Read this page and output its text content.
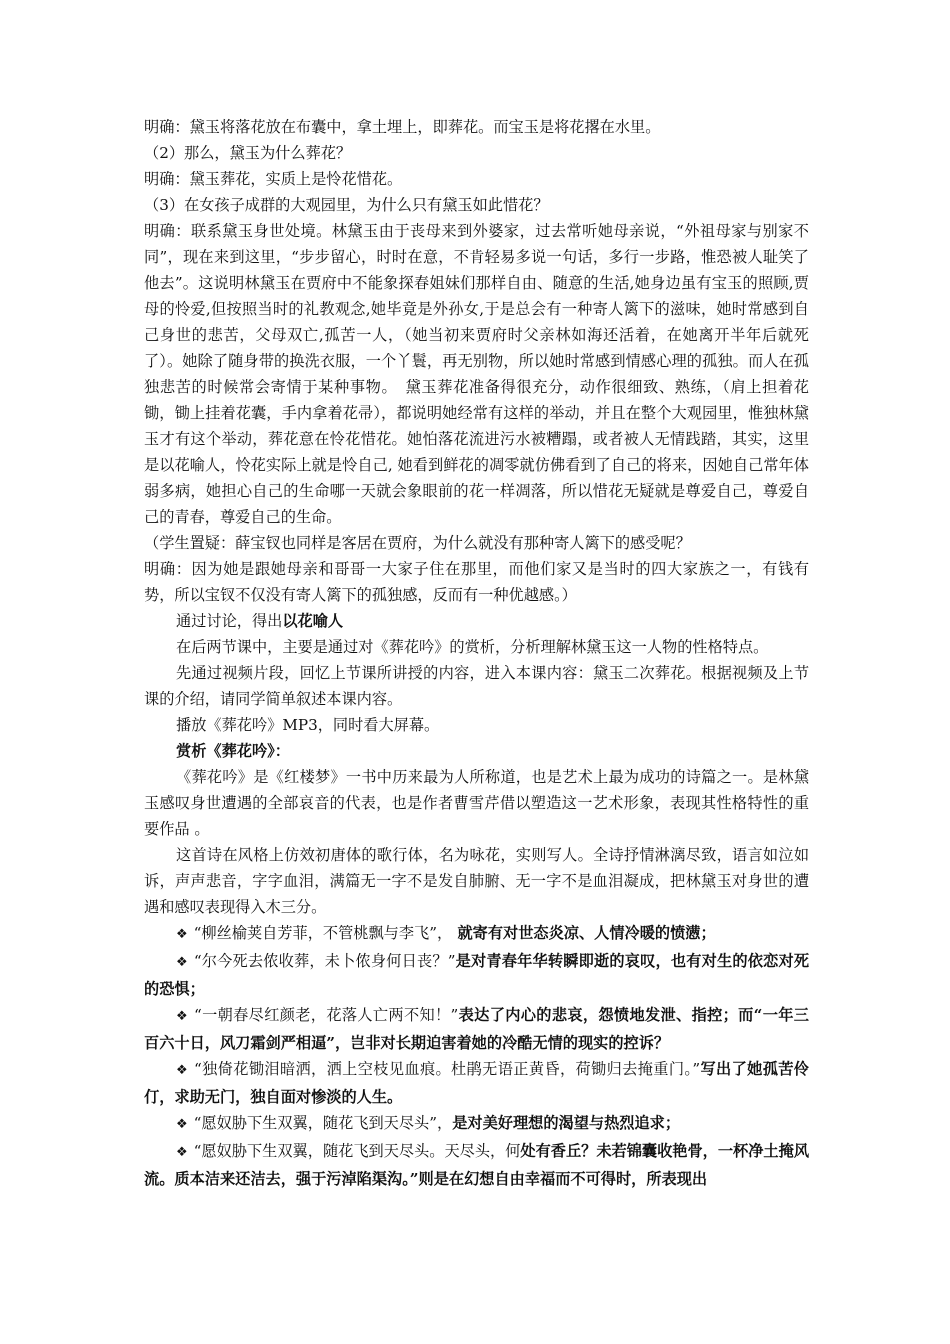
明确：黛玉将落花放在布囊中，拿土埋上，即葬花。而宝玉是将花撂在水里。

（2）那么，黛玉为什么葬花？

明确：黛玉葬花，实质上是怜花惜花。

（3）在女孩子成群的大观园里，为什么只有黛玉如此惜花？

明确：联系黛玉身世处境。林黛玉由于丧母来到外婆家，过去常听她母亲说，“外祖母家与别家不同”，现在来到这里，“步步留心，时时在意，不肯轻易多说一句话，多行一步路，惟恐被人耻笑了他去”。这说明林黛玉在贾府中不能象探春姐妹们那样自由、随意的生活,她身边虽有宝玉的照顾,贾母的怜爱,但按照当时的礼教观念,她毕竟是外孙女,于是总会有一种寄人篱下的滋味，她时常感到自己身世的悲苦，父母双亡,孤苦一人，（她当初来贾府时父亲林如海还活着，在她离开半年后就死了）。她除了随身带的换洗衣服，一个丫鬟，再无别物，所以她时常感到情感心理的孤独。而人在孤独悲苦的时候常会寄情于某种事物。　黛玉葬花准备得很充分，动作很细致、熟练，（肩上担着花锄，锄上挂着花囊，手内拿着花帚），都说明她经常有这样的举动，并且在整个大观园里，惟独林黛玉才有这个举动，葬花意在怜花惜花。她怕落花流进污水被糟蹋，或者被人无情践踏，其实，这里是以花喻人，怜花实际上就是怜自己, 她看到鲜花的凋零就仿佛看到了自己的将来，因她自己常年体弱多病，她担心自己的生命哪一天就会象眼前的花一样凋落，所以惜花无疑就是尊爱自己，尊爱自己的青春，尊爱自己的生命。

（学生置疑：薛宝钗也同样是客居在贾府，为什么就没有那种寄人篱下的感受呢？

明确：因为她是跟她母亲和哥哥一大家子住在那里，而他们家又是当时的四大家族之一，有钱有势，所以宝钗不仅没有寄人篱下的孤独感，反而有一种优越感。）

通过讨论，得出以花喻人

在后两节课中，主要是通过对《葬花吟》的赏析，分析理解林黛玉这一人物的性格特点。

先通过视频片段，回忆上节课所讲授的内容，进入本课内容：黛玉二次葬花。根据视频及上节课的介绍，请同学简单叙述本课内容。

播放《葬花吟》MP3，同时看大屏幕。

赏析《葬花吟》：

《葬花吟》是《红楼梦》一书中历来最为人所称道，也是艺术上最为成功的诗篇之一。是林黛玉感叹身世遭遇的全部哀音的代表，也是作者曹雪芹借以塑造这一艺术形象，表现其性格特性的重要作品 。

这首诗在风格上仿效初唐体的歌行体，名为咏花，实则写人。全诗抒情淋漓尽致，语言如泣如诉，声声悲音，字字血泪，满篇无一字不是发自肺腑、无一字不是血泪凝成，把林黛玉对身世的遭遇和感叹表现得入木三分。

❖ “柳丝榆荚自芳菲，不管桃飘与李飞”， 就寄有对世态炎凉、人情冷暖的愤懑；

❖ “尔今死去侬收葬，未卜侬身何日丧？”是对青春年华转瞬即逝的哀叹，也有对生的依恋对死的恐惧；

❖ “一朝春尽红颜老，花落人亡两不知！”表达了内心的悲哀，怨愤地发泄、指控；而“一年三百六十日，风刀霜剑严相逼”，岂非对长期迫害着她的冷酷无情的现实的控诉？

❖ “独倚花锄泪暗洒，洒上空枝见血痕。杜鹃无语正黄昏，荷锄归去掩重门。”写出了她孤苦伶仃，求助无门，独自面对惨淡的人生。

❖ “愿奴胁下生双翼，随花飞到天尽头”，是对美好理想的渴望与热烈追求；

❖ “愿奴胁下生双翼，随花飞到天尽头。天尽头，何处有香丘？未若锦囊收艳骨，一杯净土掩风流。质本洁来还洁去，强于污淖陷渠沟。”则是在幻想自由幸福而不可得时，所表现出
